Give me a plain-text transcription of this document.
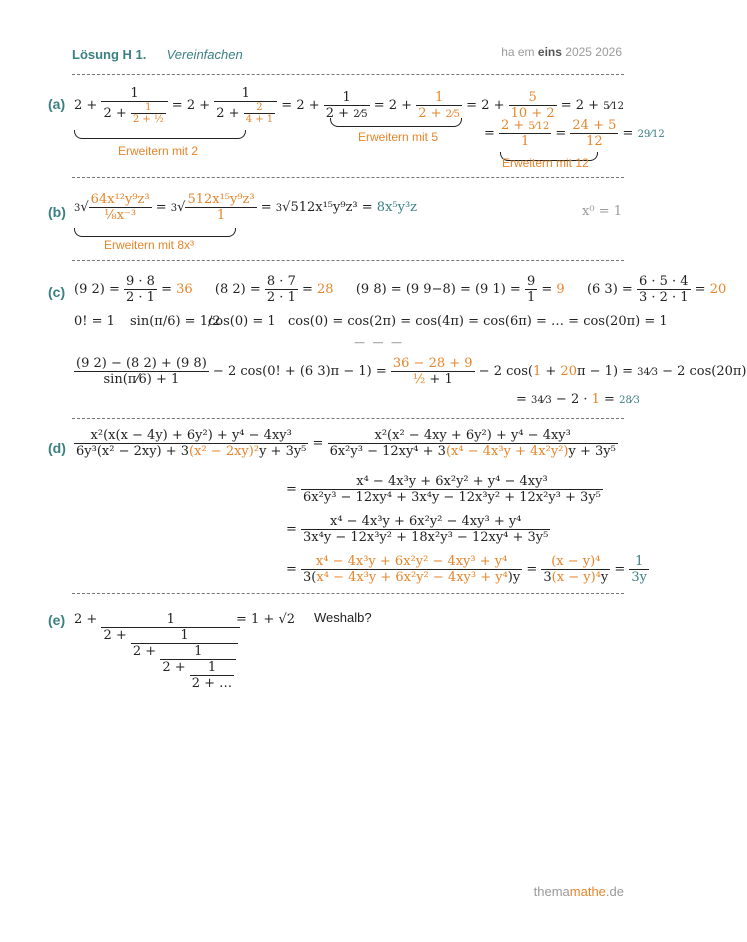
Lösung H 1. Vereinfachen	ha em eins 2025 2026
(a) $2 + \frac{1}{2 + \frac{1}{\text{2 + ½}}} = 2 + \frac{1}{2 + \frac{2}{4 + 1}} = 2 + \frac{1}{2 + 2⁄5} = 2 + \frac{1}{2 + 2⁄5} = 2 + \frac{5}{10 + 2} = 2$ + 5⁄12
Erweitern mit 2
Erweitern mit 5	= $\frac{2 + 5⁄12}{1} = \frac{24 + 5}{12}$ = 29⁄12
Erweitern mit 12
(b) $3√ \frac{\text{64x¹²y⁹z³}}{\text{⅛x⁻³}} = 3√ \frac{\text{512x¹⁵y⁹z³}}{1} = 3√512x^{15}y^9z^3 = 8x^5y^3z$
Erweitern mit 8x³
x⁰ = 1
(c) (9 $2) = \frac{9 \cdot 8}{2 \cdot 1} = 36$  (8 $2) = \frac{8 \cdot 7}{2 \cdot 1} = 28$  (9 8) = (9 9−8) = (9 $1) = \frac{9}{1} = 9$  (6 $3) = \frac{6 \cdot 5 \cdot 4}{3 \cdot 2 \cdot 1} = 20$
0! = 1 sin(π/6) = 1/2
cos(0) = 1 cos(0) = cos(2π) = cos(4π) = cos(6π) = … = cos(20π) = 1
— — —
$\frac{(9 2) - (8 2) + (9 8)}{\sin(\pi⁄6) + 1} - 2$ cos(0! + (6 $3)\pi - 1) = \frac{36 - 28 + 9}{\text{½ + 1}} - 2$ cos(1 + 20π − 1) = 34⁄3 − 2 cos(20π)
= 34⁄3 − 2 · 1 = 28⁄3
$(d) \frac{\text{x²(x(x − 4y) + 6y²) + y⁴ − 4xy³}}{\text{6y³(x² − 2xy) + 3(x² − 2xy)²y + 3y⁵}} = \frac{\text{x²(x² − 4xy + 6y²) + y⁴ − 4xy³}}{\text{6x²y³ − 12xy⁴ + 3(x⁴ − 4x³y + 4x²y²)y + 3y⁵}}$
= $\frac{\text{x⁴ − 4x³y + 6x²y² + y⁴ − 4xy³}}{\text{6x²y³ − 12xy⁴ + 3x⁴y − 12x³y² + 12x²y³ + 3y⁵}}$
= $\frac{\text{x⁴ − 4x³y + 6x²y² − 4xy³ + y⁴}}{\text{3x⁴y − 12x³y² + 18x²y³ − 12xy⁴ + 3y⁵}}$
= $\frac{\text{x⁴ − 4x³y + 6x²y² − 4xy³ + y⁴}}{\text{3(x⁴ − 4x³y + 6x²y² − 4xy³ + y⁴)y}} = \frac{\text{(x − y)⁴}}{\text{3(x − y)⁴y}} = \frac{1}{3y}$
(e) $2 + \frac{1}{2 + \frac{1}{2 + \frac{1}{2 + \frac{1}{2 + \dots}}}}$
= 1 + √2 Weshalb?
themamathe.de
